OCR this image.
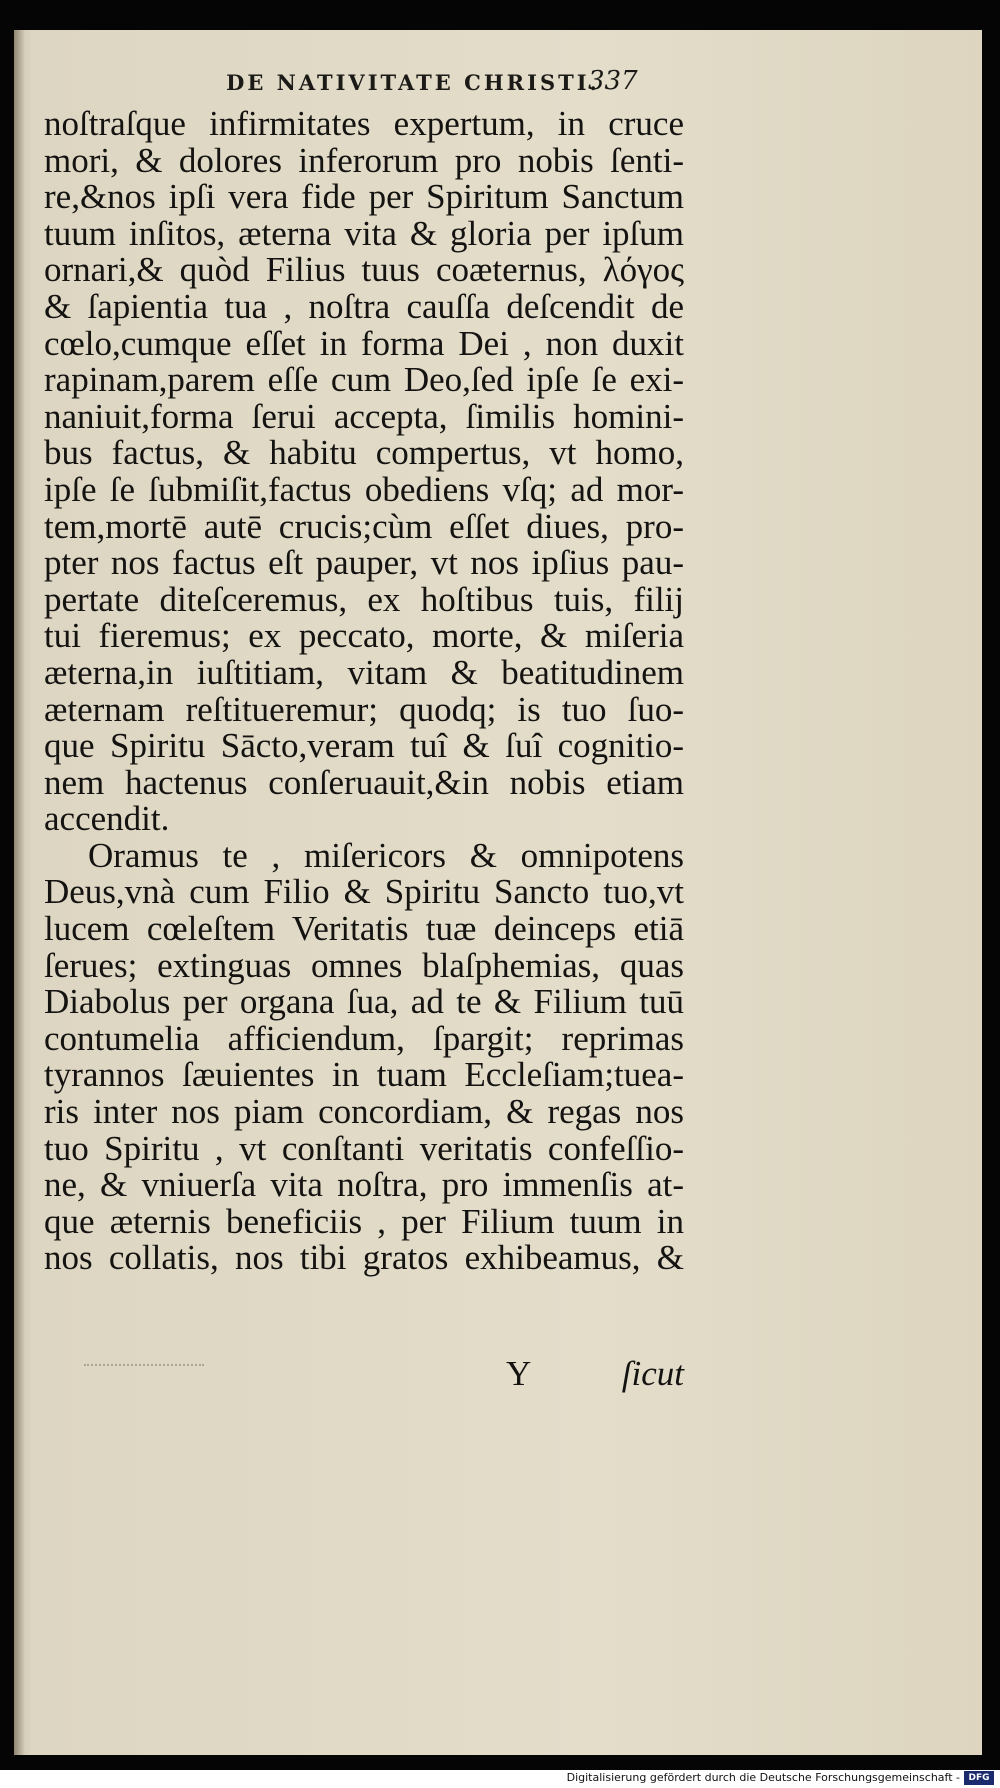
DE NATIVITATE CHRISTI.
337
noſtraſque infirmitates expertum, in cruce
mori, & dolores inferorum pro nobis ſenti-
re,&nos ipſi vera fide per Spiritum Sanctum
tuum inſitos, æterna vita & gloria per ipſum
ornari,& quòd Filius tuus coæternus, λόγος
& ſapientia tua , noſtra cauſſa deſcendit de
cœlo,cumque eſſet in forma Dei , non duxit
rapinam,parem eſſe cum Deo,ſed ipſe ſe exi-
naniuit,forma ſerui accepta, ſimilis homini-
bus factus, & habitu compertus, vt homo,
ipſe ſe ſubmiſit,factus obediens vſq; ad mor-
tem,mortē autē crucis;cùm eſſet diues, pro-
pter nos factus eſt pauper, vt nos ipſius pau-
pertate diteſceremus, ex hoſtibus tuis, filij
tui fieremus; ex peccato, morte, & miſeria
æterna,in iuſtitiam, vitam & beatitudinem
æternam reſtitueremur; quodq; is tuo ſuo-
que Spiritu Sācto,veram tuî & ſuî cognitio-
nem hactenus conſeruauit,&in nobis etiam
accendit.
Oramus te , miſericors & omnipotens
Deus,vnà cum Filio & Spiritu Sancto tuo,vt
lucem cœleſtem Veritatis tuæ deinceps etiā
ſerues; extinguas omnes blaſphemias, quas
Diabolus per organa ſua, ad te & Filium tuū
contumelia afficiendum, ſpargit; reprimas
tyrannos ſæuientes in tuam Eccleſiam;tuea-
ris inter nos piam concordiam, & regas nos
tuo Spiritu , vt conſtanti veritatis confeſſio-
ne, & vniuerſa vita noſtra, pro immenſis at-
que æternis beneficiis , per Filium tuum in
nos collatis, nos tibi gratos exhibeamus, &
Y	ſicut
Digitalisierung gefördert durch die Deutsche Forschungsgemeinschaft - DFG
